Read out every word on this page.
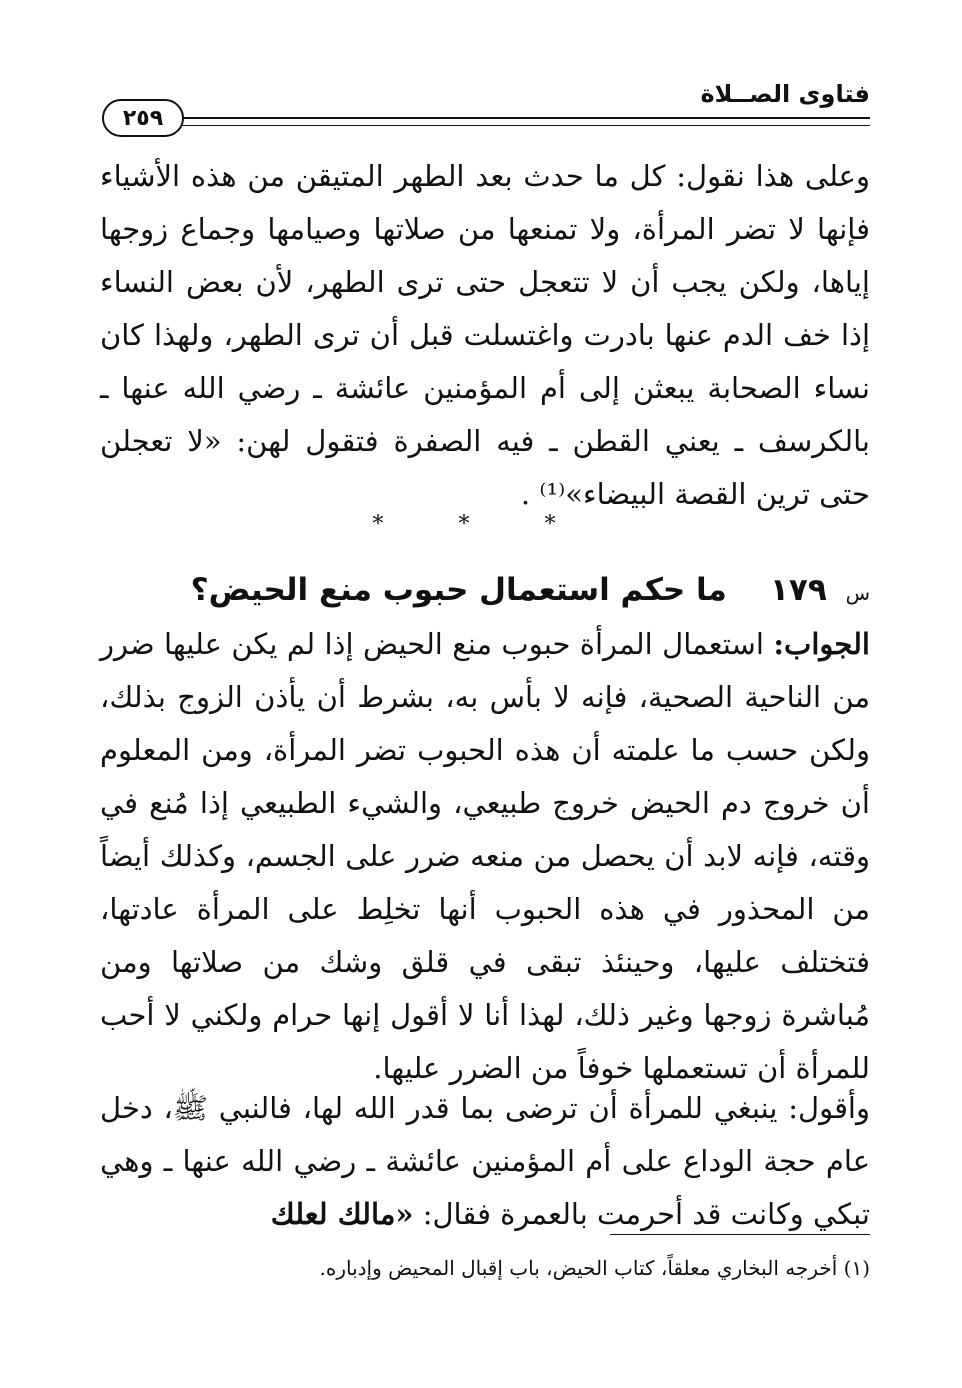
فتاوى الصــلاة
٢٥٩
وعلى هذا نقول: كل ما حدث بعد الطهر المتيقن من هذه الأشياء فإنها لا تضر المرأة، ولا تمنعها من صلاتها وصيامها وجماع زوجها إياها، ولكن يجب أن لا تتعجل حتى ترى الطهر، لأن بعض النساء إذا خف الدم عنها بادرت واغتسلت قبل أن ترى الطهر، ولهذا كان نساء الصحابة يبعثن إلى أم المؤمنين عائشة ـ رضي الله عنها ـ بالكرسف ـ يعني القطن ـ فيه الصفرة فتقول لهن: «لا تعجلن حتى ترين القصة البيضاء»⁽¹⁾ .
* * *
س ١٧٩    ما حكم استعمال حبوب منع الحيض؟
الجواب: استعمال المرأة حبوب منع الحيض إذا لم يكن عليها ضرر من الناحية الصحية، فإنه لا بأس به، بشرط أن يأذن الزوج بذلك، ولكن حسب ما علمته أن هذه الحبوب تضر المرأة، ومن المعلوم أن خروج دم الحيض خروج طبيعي، والشيء الطبيعي إذا مُنع في وقته، فإنه لابد أن يحصل من منعه ضرر على الجسم، وكذلك أيضاً من المحذور في هذه الحبوب أنها تخلِط على المرأة عادتها، فتختلف عليها، وحينئذ تبقى في قلق وشك من صلاتها ومن مُباشرة زوجها وغير ذلك، لهذا أنا لا أقول إنها حرام ولكني لا أحب للمرأة أن تستعملها خوفاً من الضرر عليها.
وأقول: ينبغي للمرأة أن ترضى بما قدر الله لها، فالنبي ﷺ، دخل عام حجة الوداع على أم المؤمنين عائشة ـ رضي الله عنها ـ وهي تبكي وكانت قد أحرمت بالعمرة فقال: «مالك لعلك
(١) أخرجه البخاري معلقاً، كتاب الحيض، باب إقبال المحيض وإدباره.
